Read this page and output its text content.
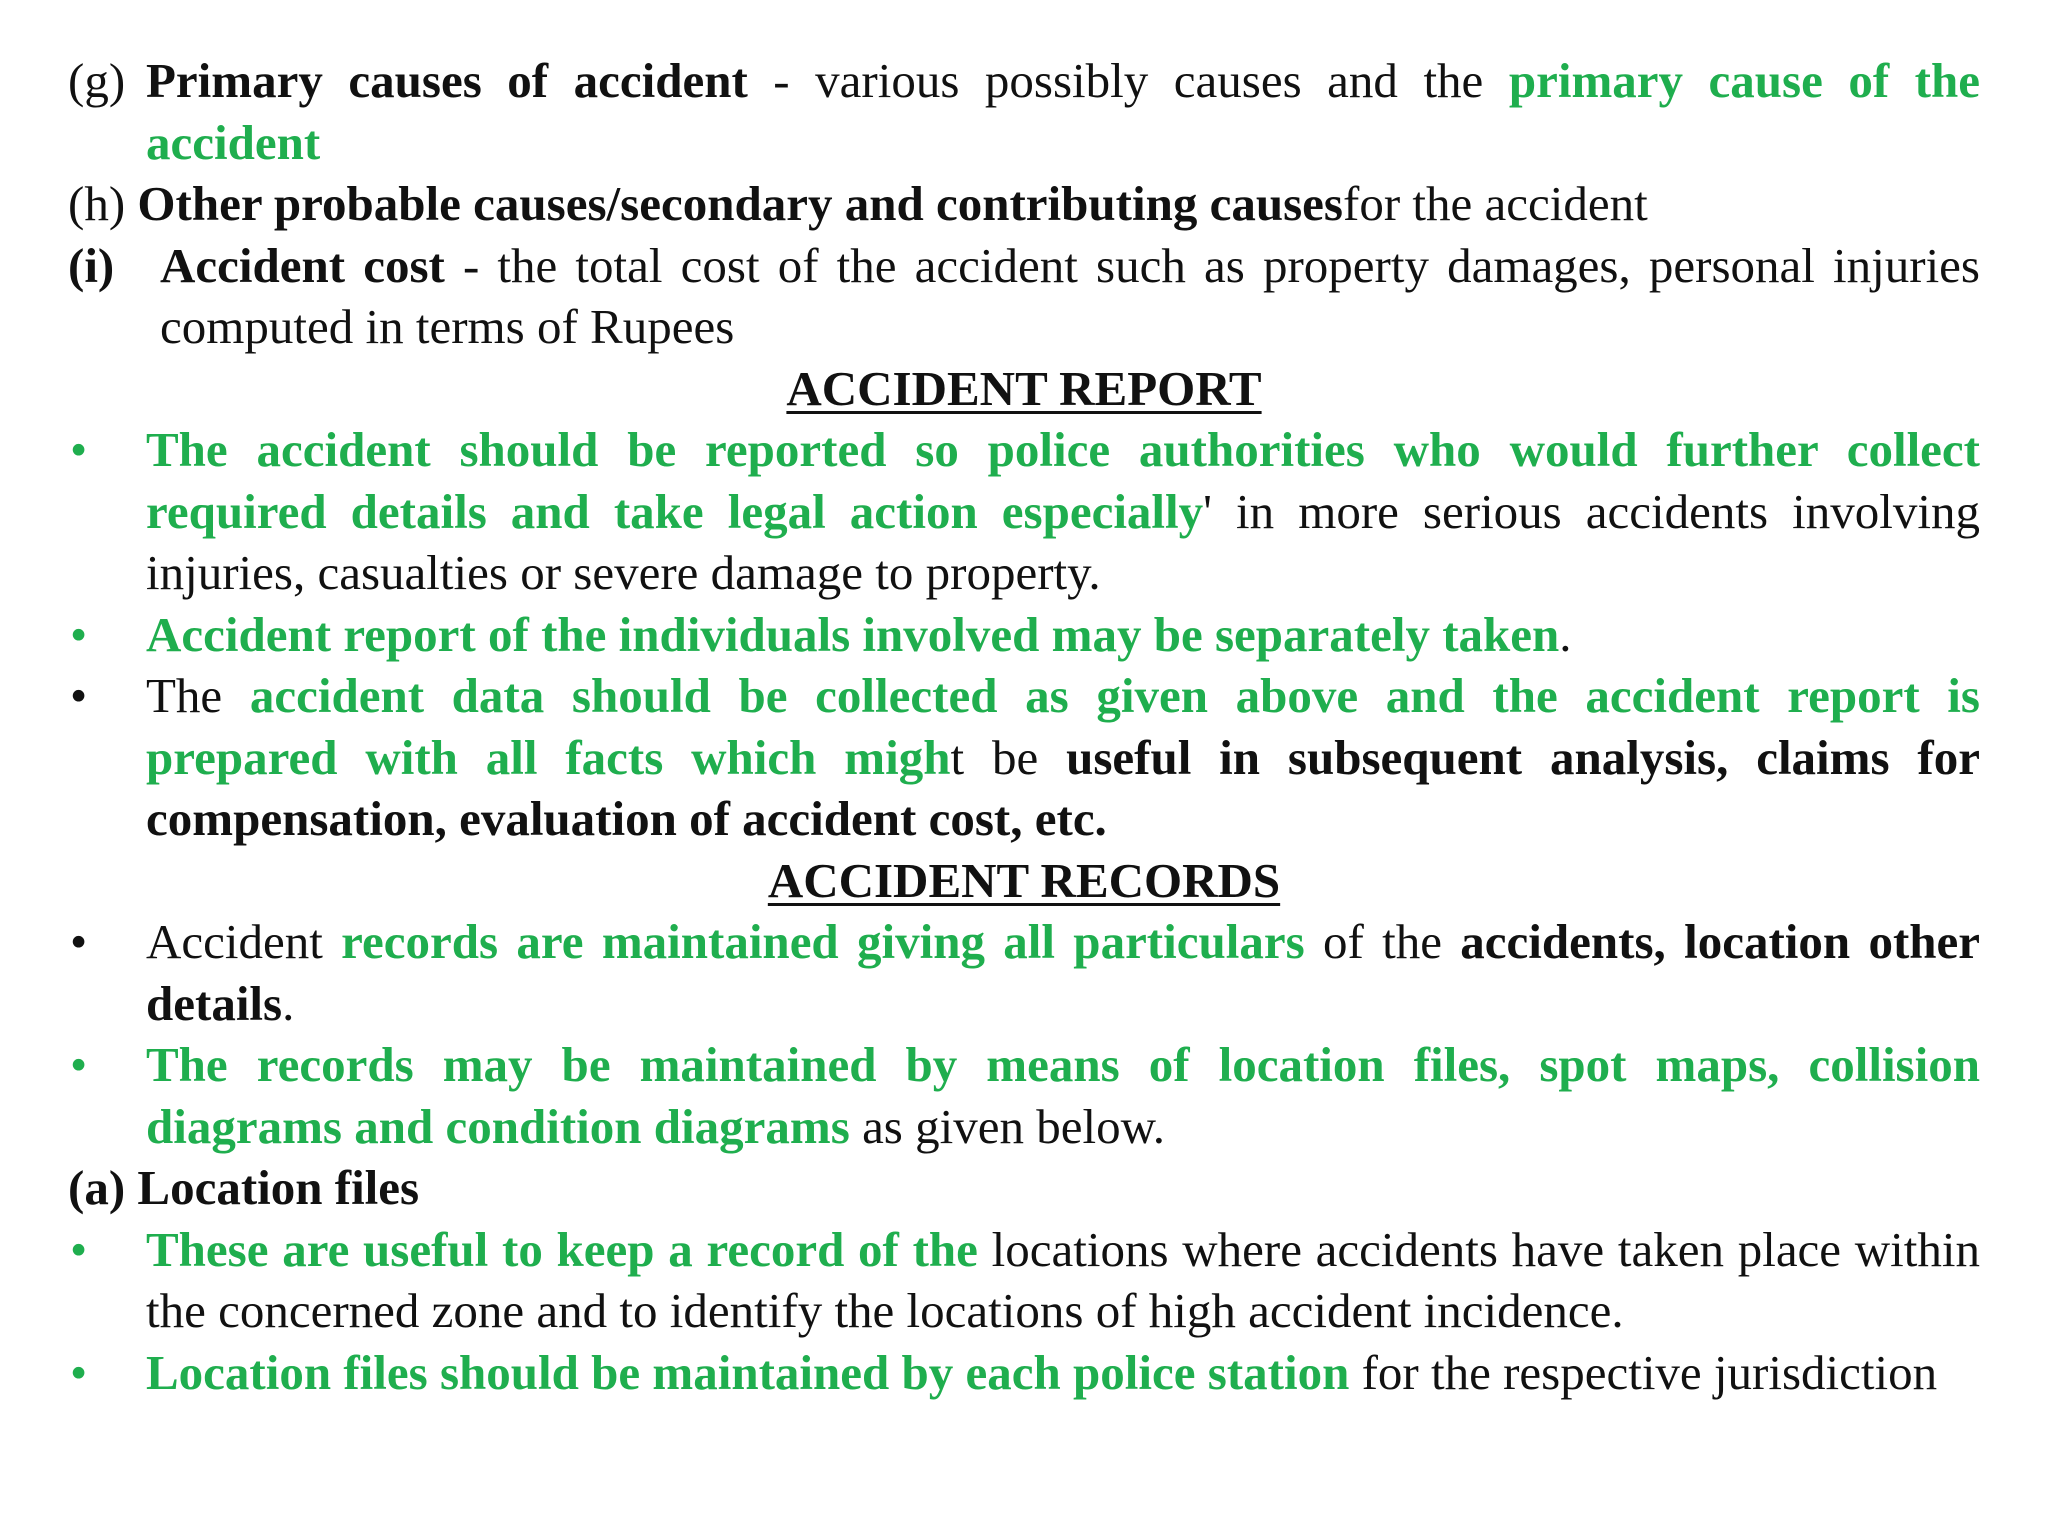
(g) Primary causes of accident - various possibly causes and the primary cause of the accident
(h)
Other probable causes/secondary and contributing causes for the accident
(i) Accident cost - the total cost of the accident such as property damages, personal injuries computed in terms of Rupees
ACCIDENT REPORT
•	The accident should be reported so police authorities who would further collect required details and take legal action especially' in more serious accidents involving injuries, casualties or severe damage to property.
•	Accident report of the individuals involved may be separately taken.
•	The accident data should be collected as given above and the accident report is prepared with all facts which might be useful in subsequent analysis, claims for compensation, evaluation of accident cost, etc.
ACCIDENT RECORDS
•	Accident records are maintained giving all particulars of the accidents, location other details.
•	The records may be maintained by means of location files, spot maps, collision diagrams and condition diagrams as given below.
(a)
Location files
•	These are useful to keep a record of the locations where accidents have taken place within the concerned zone and to identify the locations of high accident incidence.
•	Location files should be maintained by each police station for the respective jurisdiction
